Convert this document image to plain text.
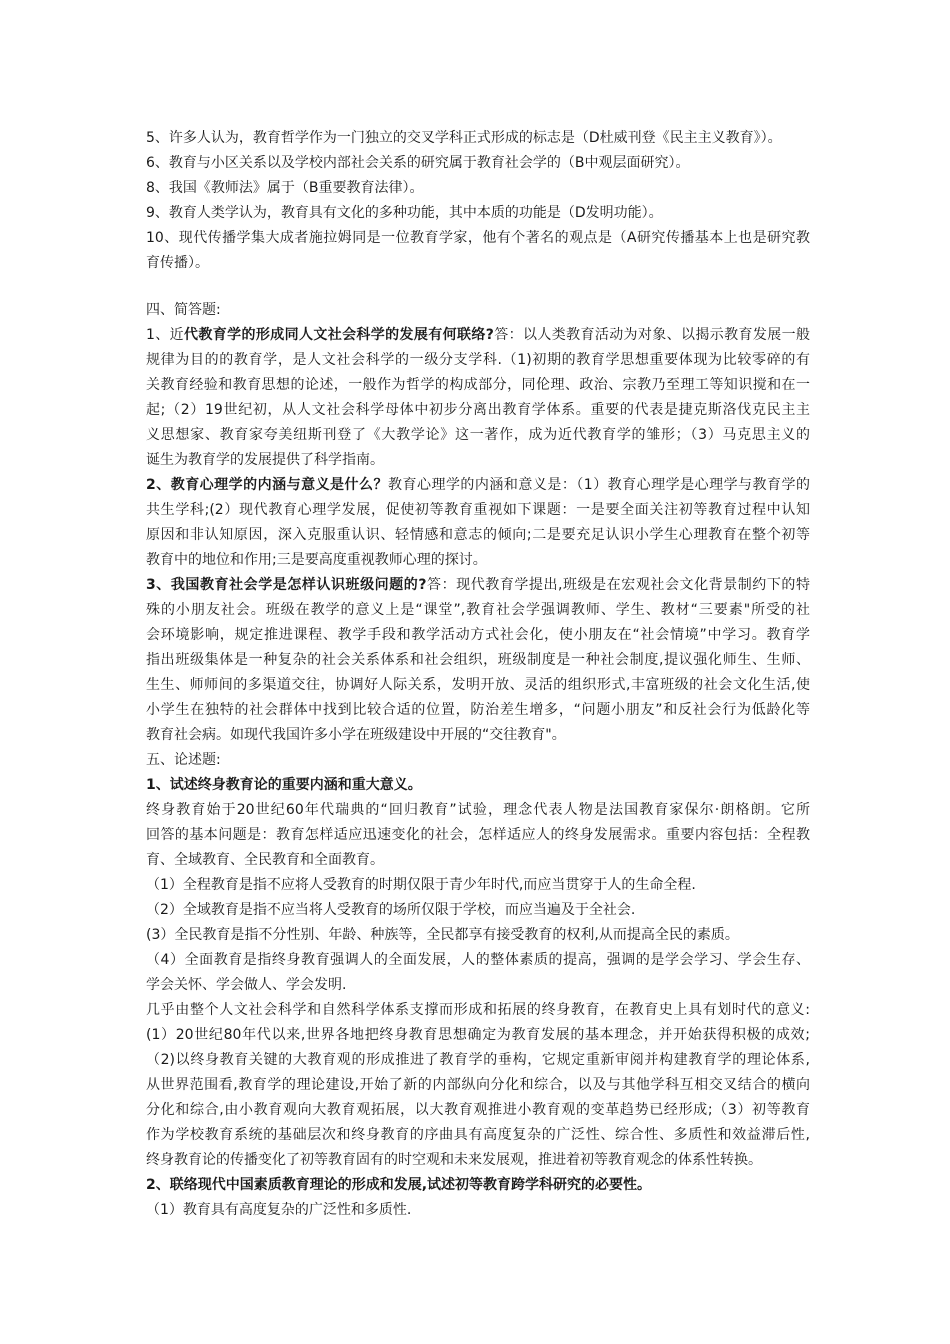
5、许多人认为，教育哲学作为一门独立的交叉学科正式形成的标志是（D杜威刊登《民主主义教育》）。
6、教育与小区关系以及学校内部社会关系的研究属于教育社会学的（B中观层面研究）。
8、我国《教师法》属于（B重要教育法律）。
9、教育人类学认为，教育具有文化的多种功能，其中本质的功能是（D发明功能）。
10、现代传播学集大成者施拉姆同是一位教育学家，他有个著名的观点是（A研究传播基本上也是研究教
育传播）。
四、简答题:
1、近代教育学的形成同人文社会科学的发展有何联络?答：以人类教育活动为对象、以揭示教育发展一般
规律为目的的教育学，是人文社会科学的一级分支学科.（1)初期的教育学思想重要体现为比较零碎的有
关教育经验和教育思想的论述，一般作为哲学的构成部分，同伦理、政治、宗教乃至理工等知识搅和在一
起;（2）19世纪初，从人文社会科学母体中初步分离出教育学体系。重要的代表是捷克斯洛伐克民主主
义思想家、教育家夸美纽斯刊登了《大教学论》这一著作，成为近代教育学的雏形；（3）马克思主义的
诞生为教育学的发展提供了科学指南。
2、教育心理学的内涵与意义是什么？教育心理学的内涵和意义是：（1）教育心理学是心理学与教育学的
共生学科;(2）现代教育心理学发展，促使初等教育重视如下课题：一是要全面关注初等教育过程中认知
原因和非认知原因，深入克服重认识、轻情感和意志的倾向;二是要充足认识小学生心理教育在整个初等
教育中的地位和作用;三是要高度重视教师心理的探讨。
3、我国教育社会学是怎样认识班级问题的?答：现代教育学提出,班级是在宏观社会文化背景制约下的特
殊的小朋友社会。班级在教学的意义上是“课堂”,教育社会学强调教师、学生、教材“三要素"所受的社
会环境影响，规定推进课程、教学手段和教学活动方式社会化，使小朋友在“社会情境”中学习。教育学
指出班级集体是一种复杂的社会关系体系和社会组织，班级制度是一种社会制度,提议强化师生、生师、
生生、师师间的多渠道交往，协调好人际关系，发明开放、灵活的组织形式,丰富班级的社会文化生活,使
小学生在独特的社会群体中找到比较合适的位置，防治差生增多，“问题小朋友”和反社会行为低龄化等
教育社会病。如现代我国许多小学在班级建设中开展的“交往教育"。
五、论述题:
1、试述终身教育论的重要内涵和重大意义。
终身教育始于20世纪60年代瑞典的“回归教育”试验，理念代表人物是法国教育家保尔·朗格朗。它所
回答的基本问题是：教育怎样适应迅速变化的社会，怎样适应人的终身发展需求。重要内容包括：全程教
育、全域教育、全民教育和全面教育。
（1）全程教育是指不应将人受教育的时期仅限于青少年时代,而应当贯穿于人的生命全程.
（2）全域教育是指不应当将人受教育的场所仅限于学校，而应当遍及于全社会.
(3）全民教育是指不分性别、年龄、种族等，全民都享有接受教育的权利,从而提高全民的素质。
（4）全面教育是指终身教育强调人的全面发展，人的整体素质的提高，强调的是学会学习、学会生存、
学会关怀、学会做人、学会发明.
几乎由整个人文社会科学和自然科学体系支撑而形成和拓展的终身教育，在教育史上具有划时代的意义:
(1）20世纪80年代以来,世界各地把终身教育思想确定为教育发展的基本理念，并开始获得积极的成效;
（2)以终身教育关键的大教育观的形成推进了教育学的垂构，它规定重新审阅并构建教育学的理论体系,
从世界范围看,教育学的理论建设,开始了新的内部纵向分化和综合，以及与其他学科互相交叉结合的横向
分化和综合,由小教育观向大教育观拓展，以大教育观推进小教育观的变革趋势已经形成;（3）初等教育
作为学校教育系统的基础层次和终身教育的序曲具有高度复杂的广泛性、综合性、多质性和效益滞后性,
终身教育论的传播变化了初等教育固有的时空观和未来发展观，推进着初等教育观念的体系性转换。
2、联络现代中国素质教育理论的形成和发展,试述初等教育跨学科研究的必要性。
（1）教育具有高度复杂的广泛性和多质性.
